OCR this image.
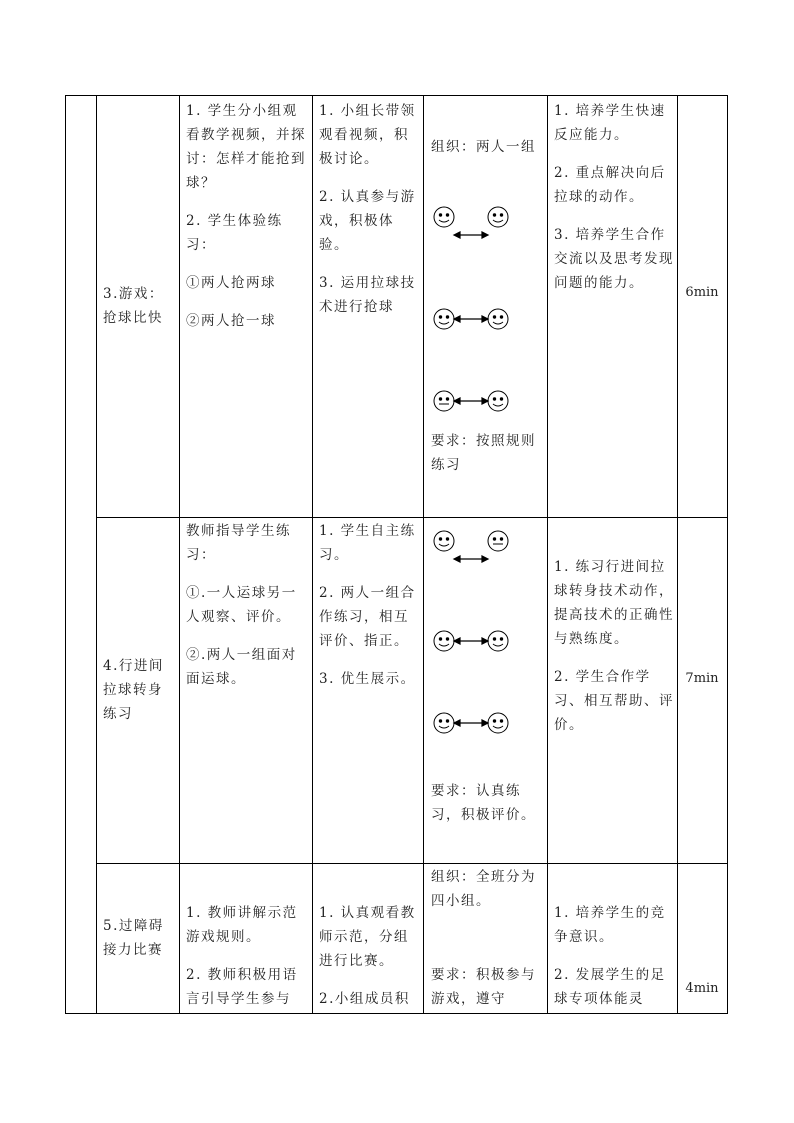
3.游戏：抢球比快

1. 学生分小组观看教学视频，并探讨：怎样才能抢到球？

2. 学生体验练习：

①两人抢两球

②两人抢一球

1. 小组长带领观看视频，积极讨论。

2. 认真参与游戏，积极体验。

3. 运用拉球技术进行抢球

组织：两人一组
要求：按照规则练习

1. 培养学生快速反应能力。

2. 重点解决向后拉球的动作。

3. 培养学生合作交流以及思考发现问题的能力。

6min
4.行进间拉球转身练习

教师指导学生练习：

①.一人运球另一人观察、评价。

②.两人一组面对面运球。

1. 学生自主练习。

2. 两人一组合作练习，相互评价、指正。

3. 优生展示。

要求：认真练习，积极评价。

1. 练习行进间拉球转身技术动作，提高技术的正确性与熟练度。

2. 学生合作学习、相互帮助、评价。

7min
5.过障碍接力比赛

1. 教师讲解示范游戏规则。

2. 教师积极用语言引导学生参与

1. 认真观看教师示范，分组进行比赛。

2.小组成员积

组织：全班分为四小组。
要求：积极参与游戏，遵守

1. 培养学生的竞争意识。

2. 发展学生的足球专项体能灵

4min
